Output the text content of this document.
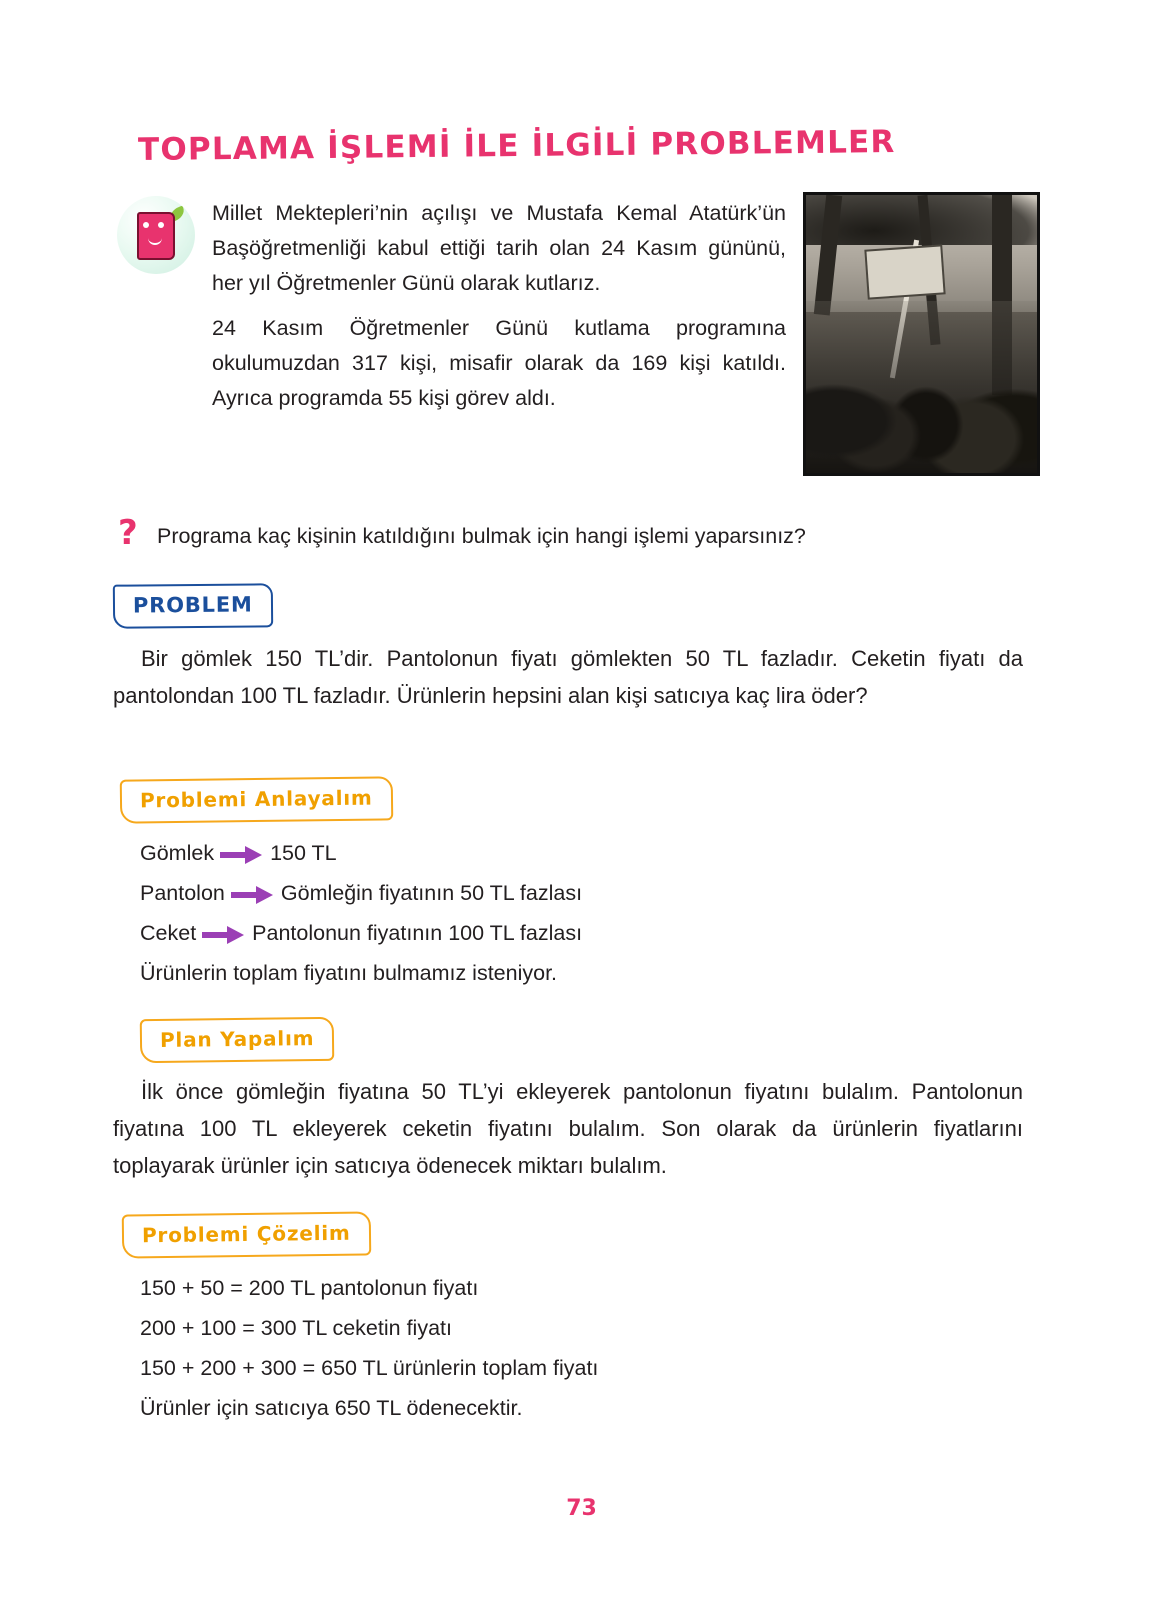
TOPLAMA İŞLEMİ İLE İLGİLİ PROBLEMLER

Millet Mektepleri’nin açılışı ve Mustafa Kemal Atatürk’ün Başöğretmenliği kabul ettiği tarih olan 24 Kasım gününü, her yıl Öğretmenler Günü olarak kutlarız.

24 Kasım Öğretmenler Günü kutlama programına okulumuzdan 317 kişi, misafir olarak da 169 kişi katıldı. Ayrıca programda 55 kişi görev aldı.

? Programa kaç kişinin katıldığını bulmak için hangi işlemi yaparsınız?
PROBLEM
Bir gömlek 150 TL’dir. Pantolonun fiyatı gömlekten 50 TL fazladır. Ceketin fiyatı da pantolondan 100 TL fazladır. Ürünlerin hepsini alan kişi satıcıya kaç lira öder?
Problemi Anlayalım
Gömlek	150 TL
Pantolon	Gömleğin fiyatının 50 TL fazlası
Ceket	Pantolonun fiyatının 100 TL fazlası
Ürünlerin toplam fiyatını bulmamız isteniyor.
Plan Yapalım
İlk önce gömleğin fiyatına 50 TL’yi ekleyerek pantolonun fiyatını bulalım. Pantolonun fiyatına 100 TL ekleyerek ceketin fiyatını bulalım. Son olarak da ürünlerin fiyatlarını toplayarak ürünler için satıcıya ödenecek miktarı bulalım.
Problemi Çözelim
150 + 50 = 200 TL pantolonun fiyatı
200 + 100 = 300 TL ceketin fiyatı
150 + 200 + 300 = 650 TL ürünlerin toplam fiyatı
Ürünler için satıcıya 650 TL ödenecektir.
73
